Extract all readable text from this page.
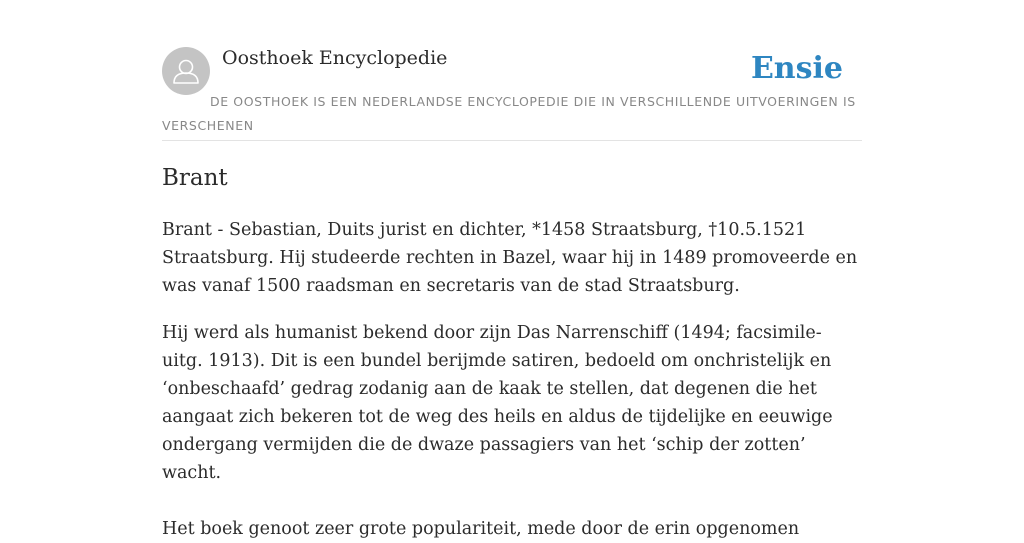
Oosthoek Encyclopedie	Ensie
DE OOSTHOEK IS EEN NEDERLANDSE ENCYCLOPEDIE DIE IN VERSCHILLENDE UITVOERINGEN IS VERSCHENEN
Brant

Brant - Sebastian, Duits jurist en dichter, *1458 Straatsburg, †10.5.1521 Straatsburg. Hij studeerde rechten in Bazel, waar hij in 1489 promoveerde en was vanaf 1500 raadsman en secretaris van de stad Straatsburg.

Hij werd als humanist bekend door zijn Das Narrenschiff (1494; facsimile-uitg. 1913). Dit is een bundel berijmde satiren, bedoeld om onchristelijk en ‘onbeschaafd’ gedrag zodanig aan de kaak te stellen, dat degenen die het aangaat zich bekeren tot de weg des heils en aldus de tijdelijke en eeuwige ondergang vermijden die de dwaze passagiers van het ‘schip der zotten’ wacht.

Het boek genoot zeer grote populariteit, mede door de erin opgenomen
